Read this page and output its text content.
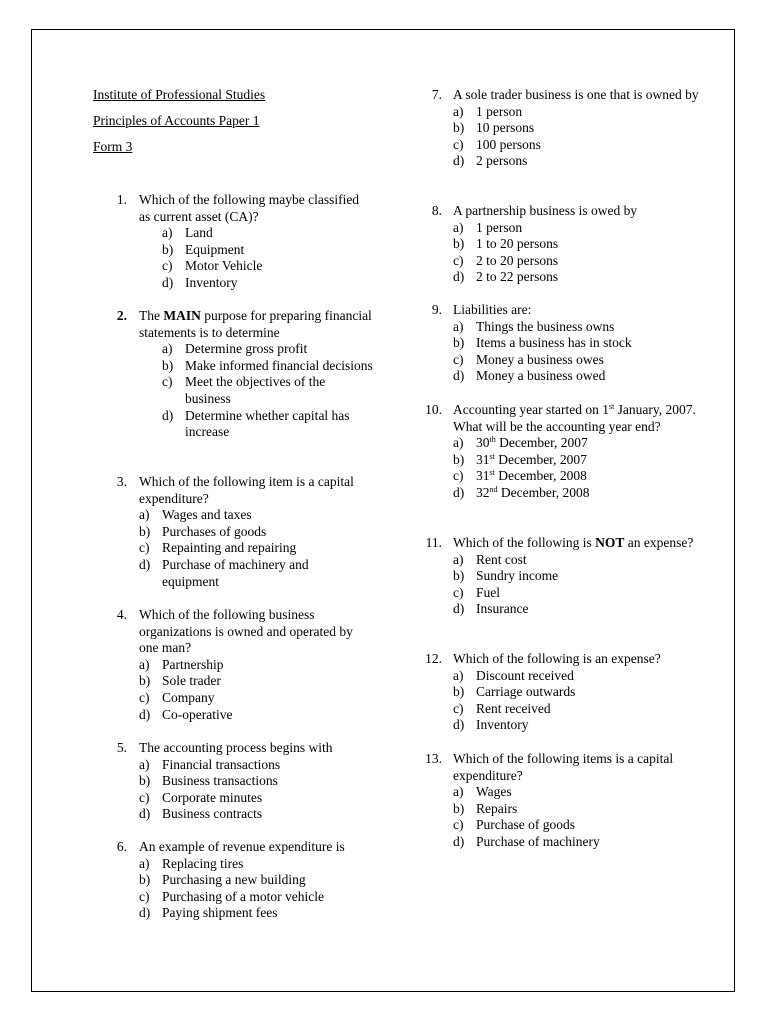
Institute of Professional Studies
Principles of Accounts Paper 1
Form 3
1. Which of the following maybe classified as current asset (CA)?
a) Land
b) Equipment
c) Motor Vehicle
d) Inventory
2. The MAIN purpose for preparing financial statements is to determine
a) Determine gross profit
b) Make informed financial decisions
c) Meet the objectives of the business
d) Determine whether capital has increase
3. Which of the following item is a capital expenditure?
a) Wages and taxes
b) Purchases of goods
c) Repainting and repairing
d) Purchase of machinery and equipment
4. Which of the following business organizations is owned and operated by one man?
a) Partnership
b) Sole trader
c) Company
d) Co-operative
5. The accounting process begins with
a) Financial transactions
b) Business transactions
c) Corporate minutes
d) Business contracts
6. An example of revenue expenditure is
a) Replacing tires
b) Purchasing a new building
c) Purchasing of a motor vehicle
d) Paying shipment fees
7. A sole trader business is one that is owned by
a) 1 person
b) 10 persons
c) 100 persons
d) 2 persons
8. A partnership business is owed by
a) 1 person
b) 1 to 20 persons
c) 2 to 20 persons
d) 2 to 22 persons
9. Liabilities are:
a) Things the business owns
b) Items a business has in stock
c) Money a business owes
d) Money a business owed
10. Accounting year started on 1st January, 2007. What will be the accounting year end?
a) 30th December, 2007
b) 31st December, 2007
c) 31st December, 2008
d) 32nd December, 2008
11. Which of the following is NOT an expense?
a) Rent cost
b) Sundry income
c) Fuel
d) Insurance
12. Which of the following is an expense?
a) Discount received
b) Carriage outwards
c) Rent received
d) Inventory
13. Which of the following items is a capital expenditure?
a) Wages
b) Repairs
c) Purchase of goods
d) Purchase of machinery
